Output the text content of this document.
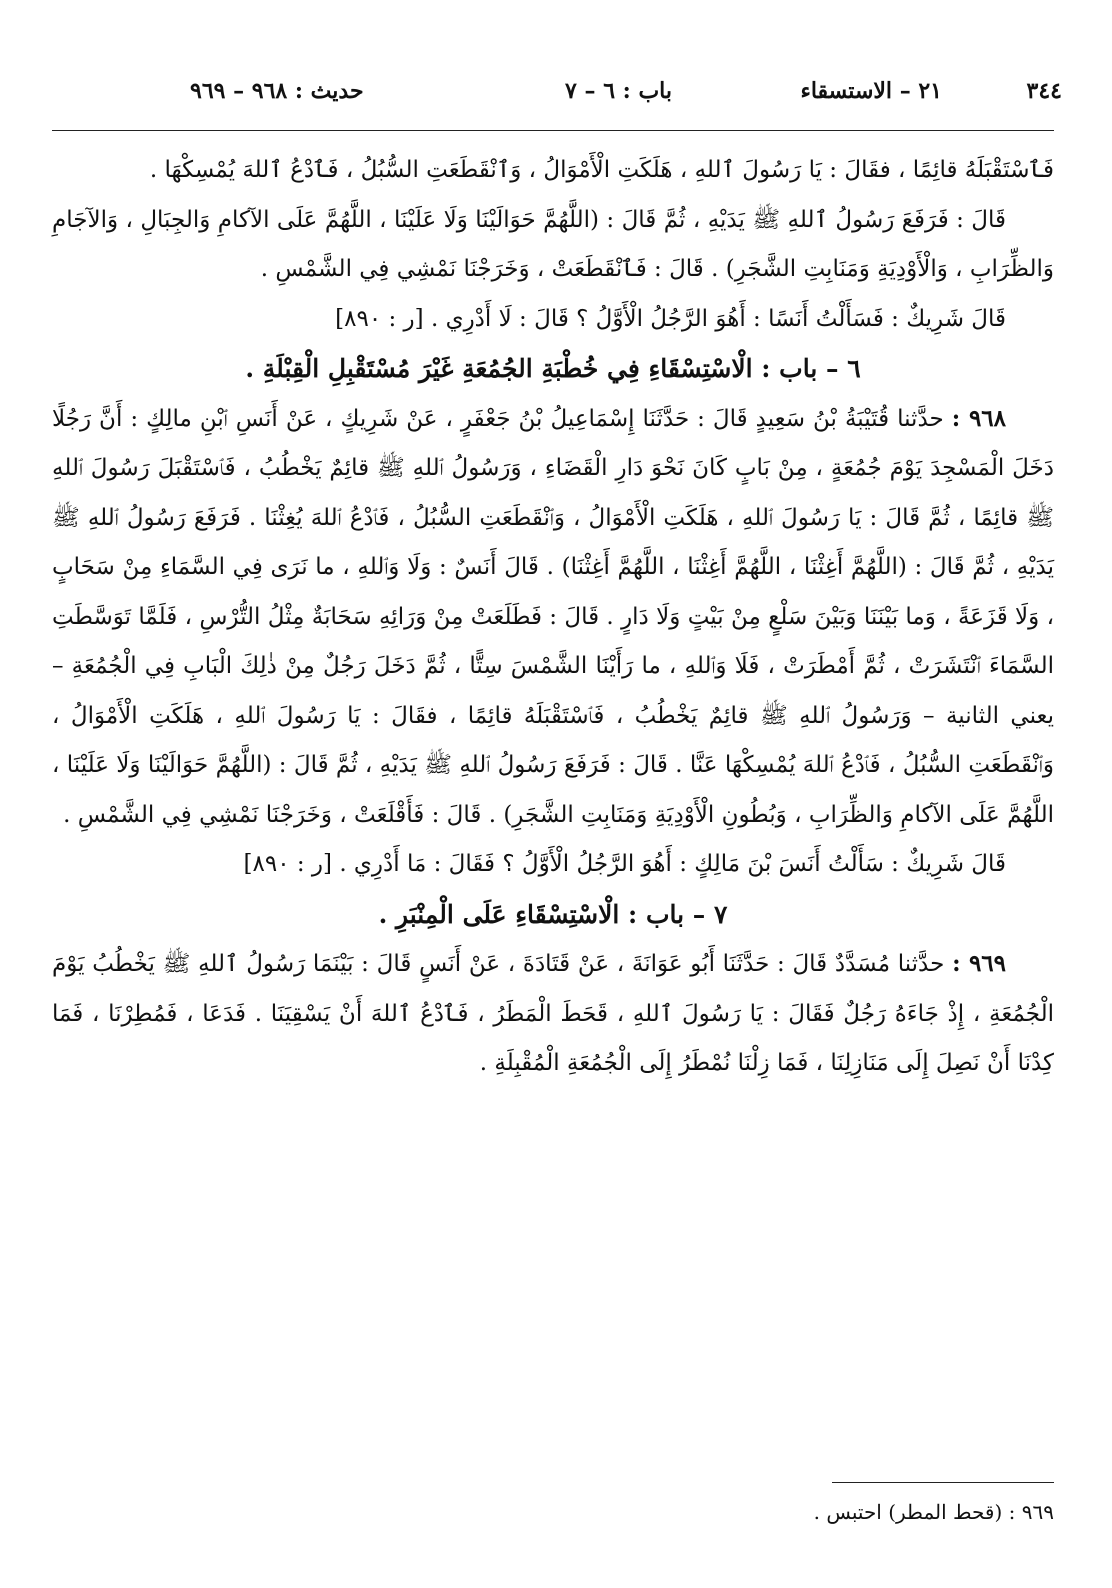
٣٤٤
٢١ – الاستسقاء
باب : ٦ – ٧
حديث : ٩٦٨ – ٩٦٩

فَٱسْتَقْبَلَهُ قائِمًا ، فقَالَ : يَا رَسُولَ ٱللهِ ، هَلَكَتِ الْأَمْوَالُ ، وَٱنْقَطَعَتِ السُّبُلُ ، فَٱدْعُ ٱللهَ يُمْسِكْهَا .

قَالَ : فَرَفَعَ رَسُولُ ٱللهِ ﷺ يَدَيْهِ ، ثُمَّ قَالَ : (اللَّهُمَّ حَوَالَيْنَا وَلَا عَلَيْنَا ، اللَّهُمَّ عَلَى الآكامِ وَالجِبَالِ ، وَالآجَامِ وَالظِّرَابِ ، وَالْأَوْدِيَةِ وَمَنَابِتِ الشَّجَرِ) . قَالَ : فَٱنْقَطَعَتْ ، وَخَرَجْنَا نَمْشِي فِي الشَّمْسِ .

قَالَ شَرِيكٌ : فَسَأَلْتُ أَنَسًا : أَهُوَ الرَّجُلُ الْأَوَّلُ ؟ قَالَ : لَا أَدْرِي . [ر : ٨٩٠]

٦ – باب : الْاسْتِسْقَاءِ فِي خُطْبَةِ الجُمُعَةِ غَيْرَ مُسْتَقْبِلِ الْقِبْلَةِ .

٩٦٨ : حدَّثنا قُتَيْبَةُ بْنُ سَعِيدٍ قَالَ : حَدَّثَنَا إِسْمَاعِيلُ بْنُ جَعْفَرٍ ، عَنْ شَرِيكٍ ، عَنْ أَنَسِ ٱبْنِ مالِكٍ : أَنَّ رَجُلًا دَخَلَ الْمَسْجِدَ يَوْمَ جُمُعَةٍ ، مِنْ بَابٍ كَانَ نَحْوَ دَارِ الْقَضَاءِ ، وَرَسُولُ ٱللهِ ﷺ قائِمٌ يَخْطُبُ ، فَٱسْتَقْبَلَ رَسُولَ ٱللهِ ﷺ قائِمًا ، ثُمَّ قَالَ : يَا رَسُولَ ٱللهِ ، هَلَكَتِ الْأَمْوَالُ ، وَٱنْقَطَعَتِ السُّبُلُ ، فَٱدْعُ ٱللهَ يُغِثْنَا . فَرَفَعَ رَسُولُ ٱللهِ ﷺ يَدَيْهِ ، ثُمَّ قَالَ : (اللَّهُمَّ أَغِثْنَا ، اللَّهُمَّ أَغِثْنَا ، اللَّهُمَّ أَغِثْنَا) . قَالَ أَنَسٌ : وَلَا وَٱللهِ ، ما نَرَى فِي السَّمَاءِ مِنْ سَحَابٍ ، وَلَا قَزَعَةً ، وَما بَيْنَنَا وَبَيْنَ سَلْعٍ مِنْ بَيْتٍ وَلَا دَارٍ . قَالَ : فَطَلَعَتْ مِنْ وَرَائِهِ سَحَابَةٌ مِثْلُ التُّرْسِ ، فَلَمَّا تَوَسَّطَتِ السَّمَاءَ ٱنْتَشَرَتْ ، ثُمَّ أَمْطَرَتْ ، فَلَا وَٱللهِ ، ما رَأَيْنَا الشَّمْسَ سِتًّا ، ثُمَّ دَخَلَ رَجُلٌ مِنْ ذٰلِكَ الْبَابِ فِي الْجُمُعَةِ – يعني الثانية – وَرَسُولُ ٱللهِ ﷺ قائِمٌ يَخْطُبُ ، فَٱسْتَقْبَلَهُ قائِمًا ، فقَالَ : يَا رَسُولَ ٱللهِ ، هَلَكَتِ الْأَمْوَالُ ، وَٱنْقَطَعَتِ السُّبُلُ ، فَٱدْعُ ٱللهَ يُمْسِكْهَا عَنَّا . قَالَ : فَرَفَعَ رَسُولُ ٱللهِ ﷺ يَدَيْهِ ، ثُمَّ قَالَ : (اللَّهُمَّ حَوَالَيْنَا وَلَا عَلَيْنَا ، اللَّهُمَّ عَلَى الآكامِ وَالظِّرَابِ ، وَبُطُونِ الْأَوْدِيَةِ وَمَنَابِتِ الشَّجَرِ) . قَالَ : فَأَقْلَعَتْ ، وَخَرَجْنَا نَمْشِي فِي الشَّمْسِ .

قَالَ شَرِيكٌ : سَأَلْتُ أَنَسَ بْنَ مَالِكٍ : أَهُوَ الرَّجُلُ الْأَوَّلُ ؟ فَقَالَ : مَا أَدْرِي . [ر : ٨٩٠]

٧ – باب : الْاسْتِسْقَاءِ عَلَى الْمِنْبَرِ .

٩٦٩ : حدَّثنا مُسَدَّدٌ قَالَ : حَدَّثَنَا أَبُو عَوَانَةَ ، عَنْ قَتَادَةَ ، عَنْ أَنَسٍ قَالَ : بَيْنَمَا رَسُولُ ٱللهِ ﷺ يَخْطُبُ يَوْمَ الْجُمُعَةِ ، إِذْ جَاءَهُ رَجُلٌ فَقَالَ : يَا رَسُولَ ٱللهِ ، قَحَطَ الْمَطَرُ ، فَٱدْعُ ٱللهَ أَنْ يَسْقِيَنَا . فَدَعَا ، فَمُطِرْنَا ، فَمَا كِدْنَا أَنْ نَصِلَ إِلَى مَنَازِلِنَا ، فَمَا زِلْنَا نُمْطَرُ إِلَى الْجُمُعَةِ الْمُقْبِلَةِ .

٩٦٩ : (قحط المطر) احتبس .
